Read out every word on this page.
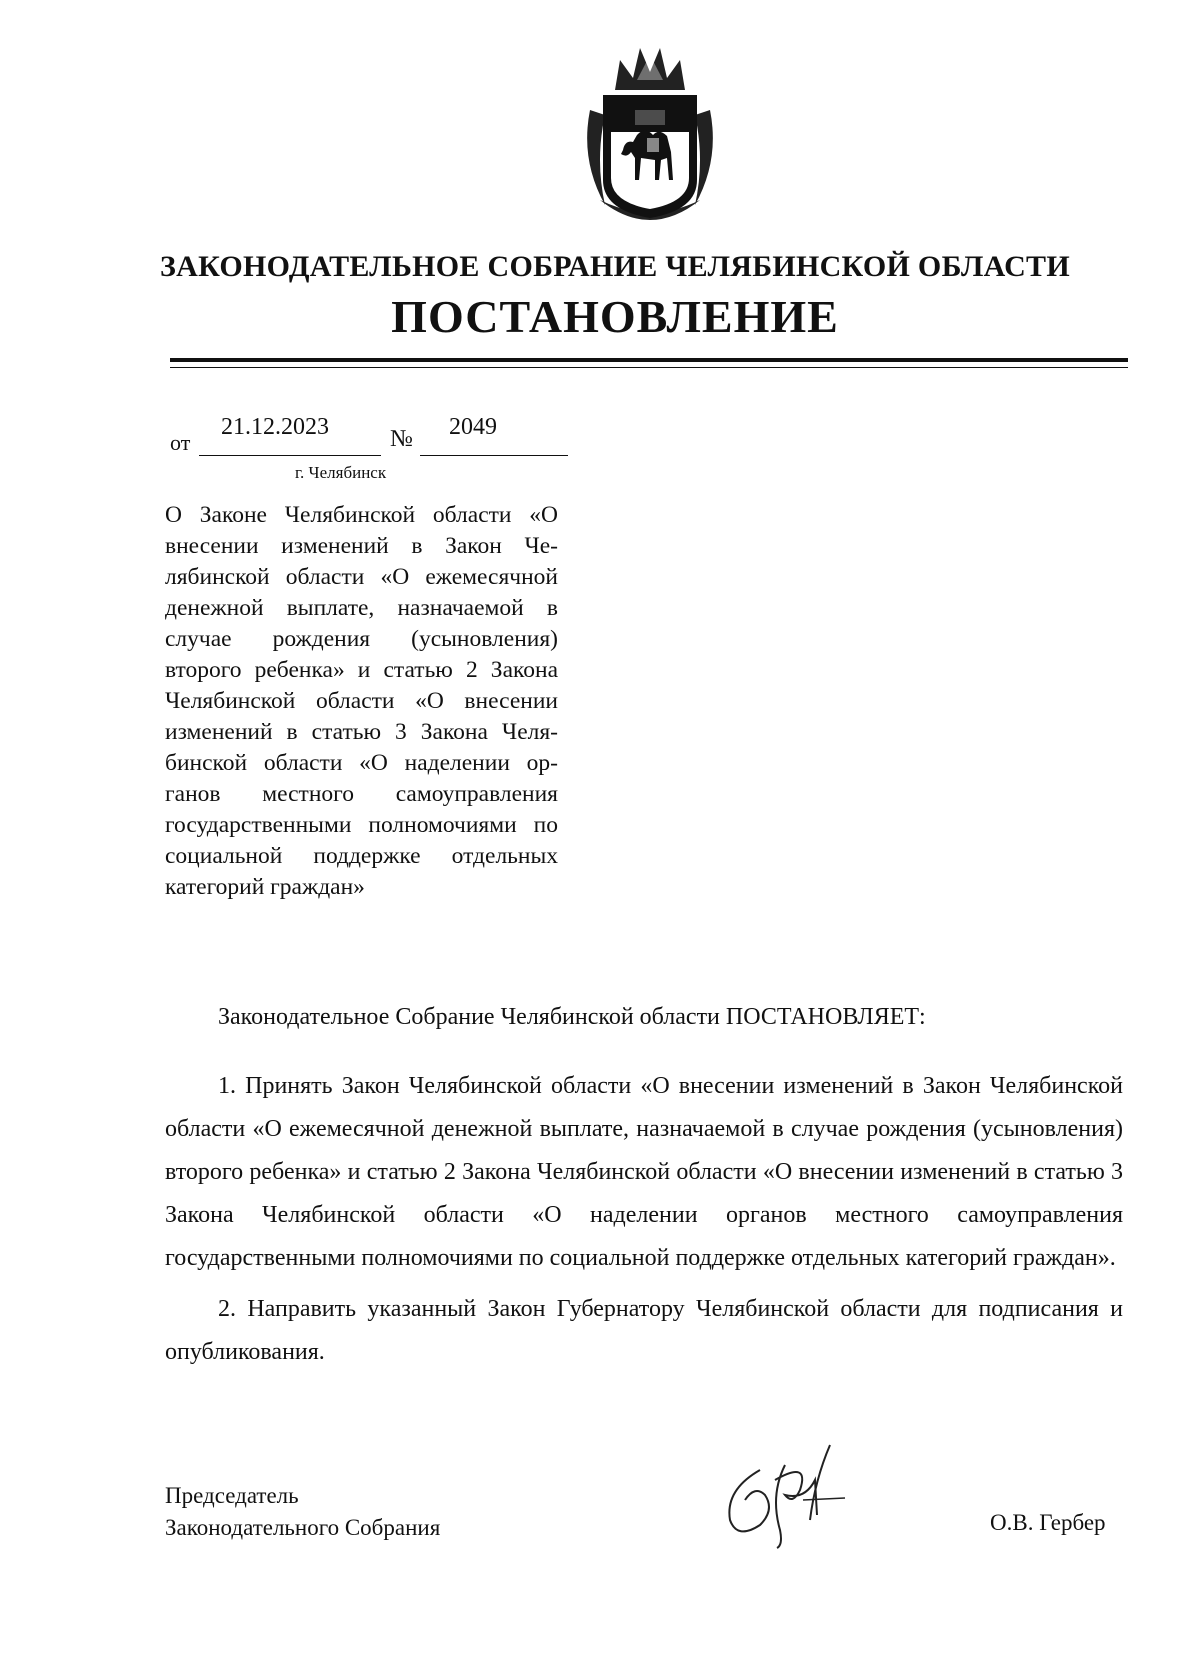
ЗАКОНОДАТЕЛЬНОЕ СОБРАНИЕ ЧЕЛЯБИНСКОЙ ОБЛАСТИ
ПОСТАНОВЛЕНИЕ
от
21.12.2023	№ 2049
г. Челябинск
О Законе Челябинской области «О внесении изменений в Закон Челябинской области «О ежемесячной денежной выплате, назначаемой в случае рождения (усыновления) второго ребенка» и статью 2 Закона Челябинской области «О внесении изменений в статью 3 Закона Челябинской области «О наделении органов местного самоуправления государственными полномочиями по социальной поддержке отдельных категорий граждан»
Законодательное Собрание Челябинской области ПОСТАНОВЛЯЕТ:

1. Принять Закон Челябинской области «О внесении изменений в Закон Челябинской области «О ежемесячной денежной выплате, назначаемой в случае рождения (усыновления) второго ребенка» и статью 2 Закона Челябинской области «О внесении изменений в статью 3 Закона Челябинской области «О наделении органов местного самоуправления государственными полномочиями по социальной поддержке отдельных категорий граждан».

2. Направить указанный Закон Губернатору Челябинской области для подписания и опубликования.

Председатель
Законодательного Собрания	О.В. Гербер
